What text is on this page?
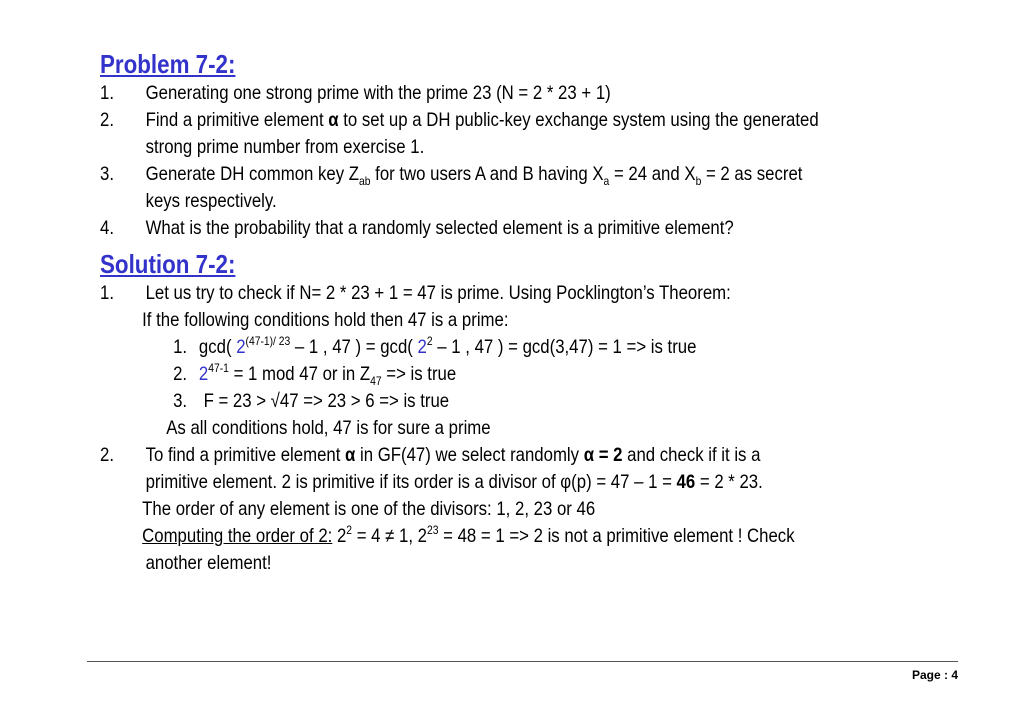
Problem 7-2:
1. Generating one strong prime with the prime 23 (N = 2 * 23 + 1)
2. Find a primitive element α to set up a DH public-key exchange system using the generated
strong prime number from exercise 1.
3. Generate DH common key $Z_{ab}$ for two users A and B having $X_a = 24$ and $X_b = 2$ as secret
keys respectively.
4. What is the probability that a randomly selected element is a primitive element?
Solution 7-2:
1. Let us try to check if N= 2 * 23 + 1 = 47 is prime. Using Pocklington’s Theorem:
If the following conditions hold then 47 is a prime:
1. gcd( $2^{(47-1)/ 23} - 1$ , 47 ) = gcd( $2^2 - 1$ , 47 ) = gcd(3,47) = 1 => is true
2. $2^{47-1} = 1$ mod 47 or in $Z_{47}$ => is true
3. F = 23 > √47 => 23 > 6 => is true
As all conditions hold, 47 is for sure a prime
2. To find a primitive element α in GF(47) we select randomly α = 2 and check if it is a
primitive element. 2 is primitive if its order is a divisor of φ(p) = 47 – 1 = 46 = 2 * 23.
The order of any element is one of the divisors: 1, 2, 23 or 46
Computing the order of 2: $2^2 = 4 \ne 1$, $2^{23} = 48 = 1 => 2$ is not a primitive element ! Check
another element!
Page : 4
